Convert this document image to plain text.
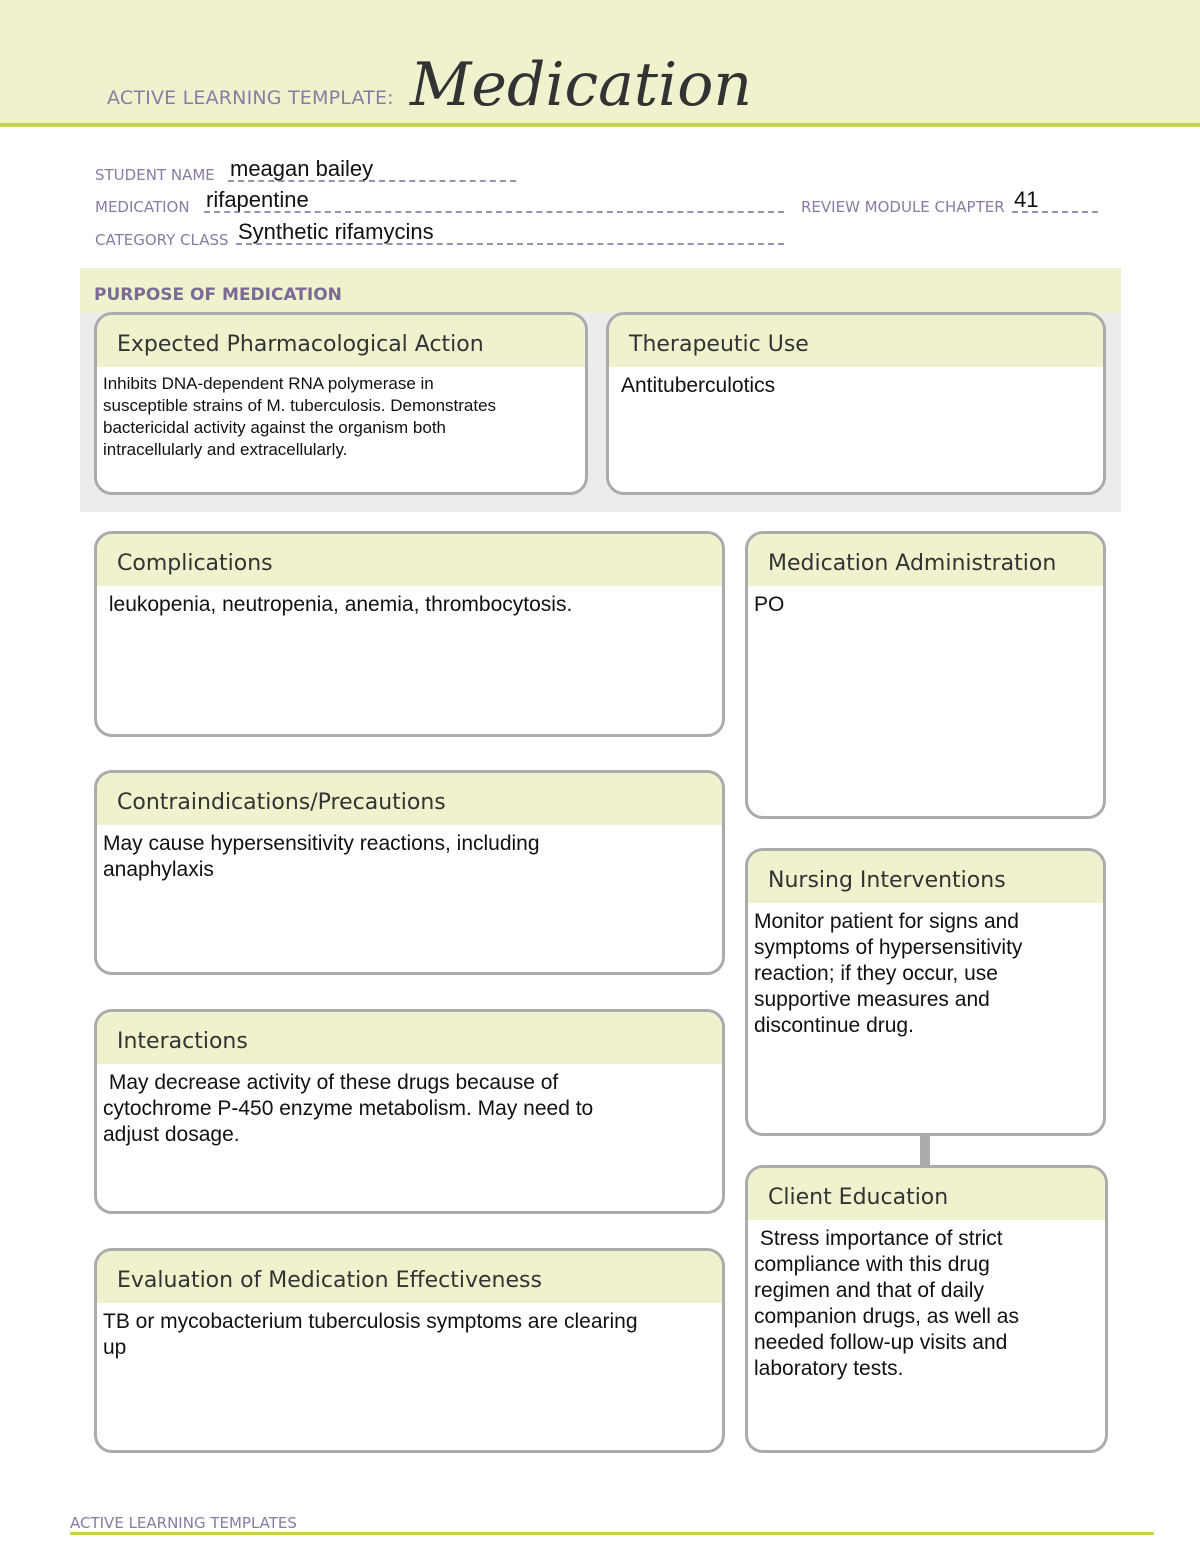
ACTIVE LEARNING TEMPLATE: Medication
STUDENT NAME meagan bailey
MEDICATION rifapentine	REVIEW MODULE CHAPTER 41
CATEGORY CLASS Synthetic rifamycins
PURPOSE OF MEDICATION
Expected Pharmacological Action
Inhibits DNA-dependent RNA polymerase in
susceptible strains of M. tuberculosis. Demonstrates
bactericidal activity against the organism both
intracellularly and extracellularly.
Therapeutic Use
Antituberculotics
Complications
leukopenia, neutropenia, anemia, thrombocytosis.
Contraindications/Precautions
May cause hypersensitivity reactions, including
anaphylaxis
Interactions
May decrease activity of these drugs because of
cytochrome P-450 enzyme metabolism. May need to
adjust dosage.
Evaluation of Medication Effectiveness
TB or mycobacterium tuberculosis symptoms are clearing
up
Medication Administration
PO
Nursing Interventions
Monitor patient for signs and
symptoms of hypersensitivity
reaction; if they occur, use
supportive measures and
discontinue drug.
Client Education
Stress importance of strict
compliance with this drug
regimen and that of daily
companion drugs, as well as
needed follow-up visits and
laboratory tests.
ACTIVE LEARNING TEMPLATES
